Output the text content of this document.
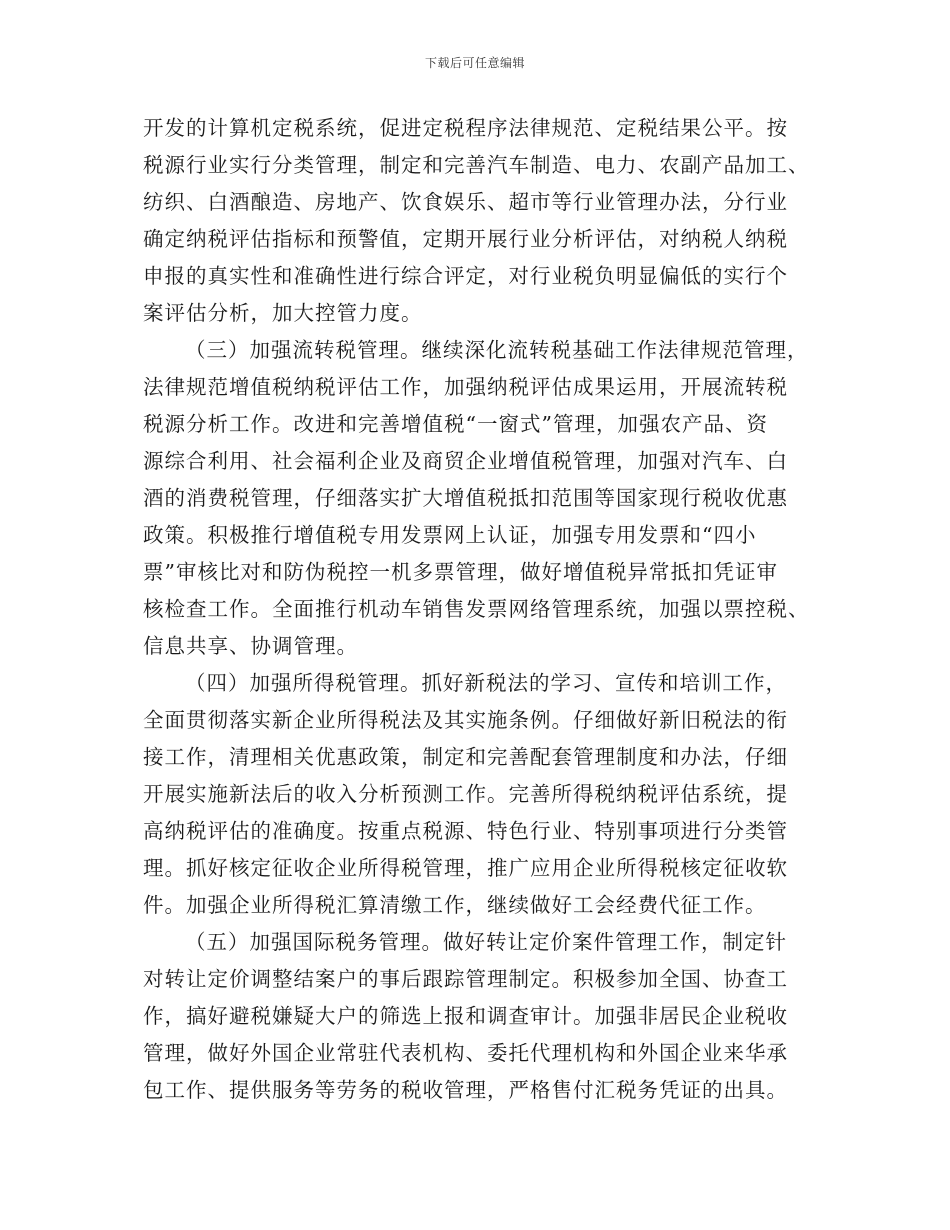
下载后可任意编辑
开发的计算机定税系统，促进定税程序法律规范、定税结果公平。按
税源行业实行分类管理，制定和完善汽车制造、电力、农副产品加工、
纺织、白酒酿造、房地产、饮食娱乐、超市等行业管理办法，分行业
确定纳税评估指标和预警值，定期开展行业分析评估，对纳税人纳税
申报的真实性和准确性进行综合评定，对行业税负明显偏低的实行个
案评估分析，加大控管力度。
（三）加强流转税管理。继续深化流转税基础工作法律规范管理，
法律规范增值税纳税评估工作，加强纳税评估成果运用，开展流转税
税源分析工作。改进和完善增值税“一窗式”管理，加强农产品、资
源综合利用、社会福利企业及商贸企业增值税管理，加强对汽车、白
酒的消费税管理，仔细落实扩大增值税抵扣范围等国家现行税收优惠
政策。积极推行增值税专用发票网上认证，加强专用发票和“四小
票”审核比对和防伪税控一机多票管理，做好增值税异常抵扣凭证审
核检查工作。全面推行机动车销售发票网络管理系统，加强以票控税、
信息共享、协调管理。
（四）加强所得税管理。抓好新税法的学习、宣传和培训工作，
全面贯彻落实新企业所得税法及其实施条例。仔细做好新旧税法的衔
接工作，清理相关优惠政策，制定和完善配套管理制度和办法，仔细
开展实施新法后的收入分析预测工作。完善所得税纳税评估系统，提
高纳税评估的准确度。按重点税源、特色行业、特别事项进行分类管
理。抓好核定征收企业所得税管理，推广应用企业所得税核定征收软
件。加强企业所得税汇算清缴工作，继续做好工会经费代征工作。
（五）加强国际税务管理。做好转让定价案件管理工作，制定针
对转让定价调整结案户的事后跟踪管理制定。积极参加全国、协查工
作，搞好避税嫌疑大户的筛选上报和调查审计。加强非居民企业税收
管理，做好外国企业常驻代表机构、委托代理机构和外国企业来华承
包工作、提供服务等劳务的税收管理，严格售付汇税务凭证的出具。
